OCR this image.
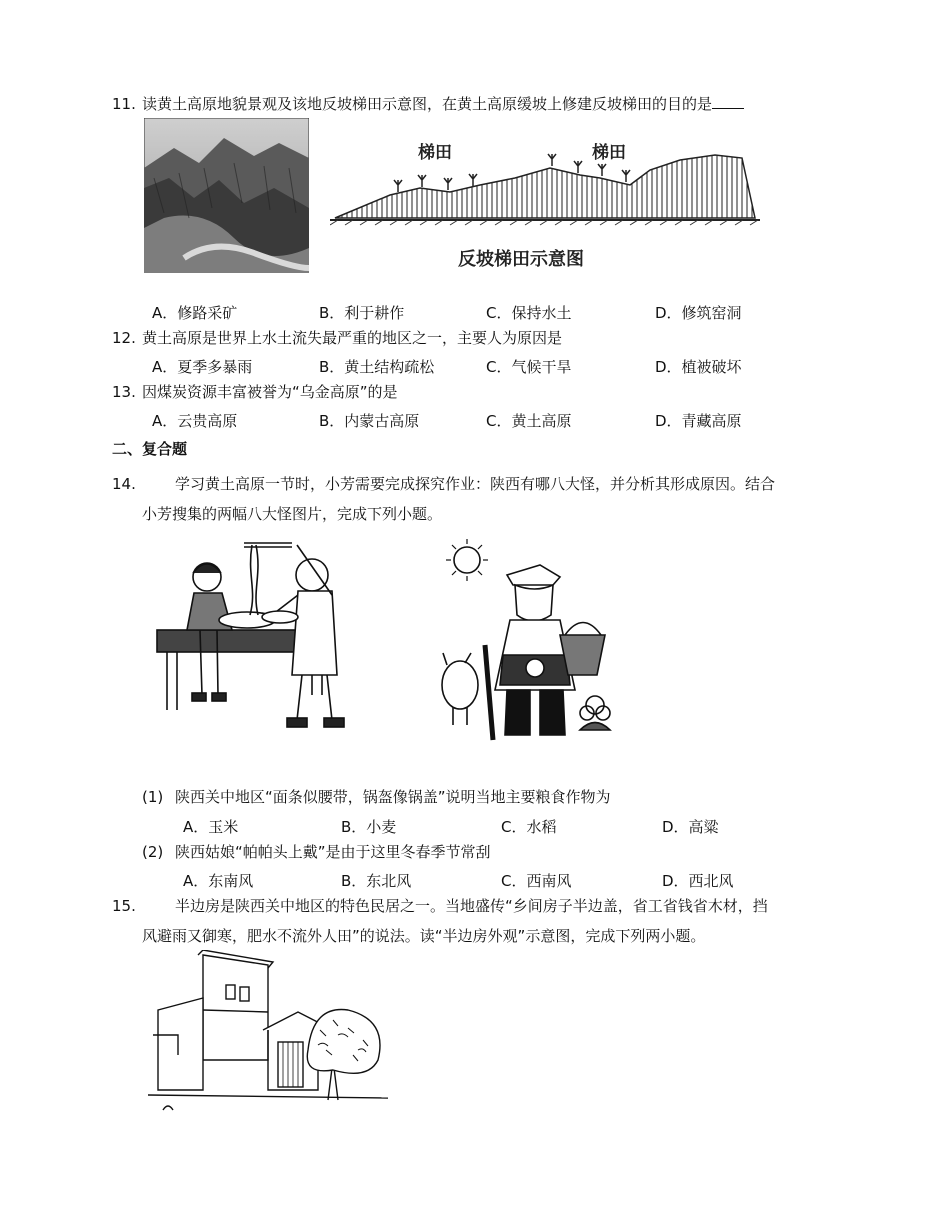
11. 读黄土高原地貌景观及该地反坡梯田示意图，在黄土高原缓坡上修建反坡梯田的目的是
梯田	梯田
反坡梯田示意图
A．修路采矿	B．利于耕作	C．保持水土	D．修筑窑洞
12. 黄土高原是世界上水土流失最严重的地区之一，主要人为原因是
A．夏季多暴雨	B．黄土结构疏松	C．气候干旱	D．植被破坏
13. 因煤炭资源丰富被誉为“乌金高原”的是
A．云贵高原	B．内蒙古高原	C．黄土高原	D．青藏高原
二、复合题
14.	学习黄土高原一节时，小芳需要完成探究作业：陕西有哪八大怪，并分析其形成原因。结合
小芳搜集的两幅八大怪图片，完成下列小题。
(1) 陕西关中地区“面条似腰带，锅盔像锅盖”说明当地主要粮食作物为
A．玉米	B．小麦	C．水稻	D．高粱
(2) 陕西姑娘“帕帕头上戴”是由于这里冬春季节常刮
A．东南风	B．东北风	C．西南风	D．西北风
15.	半边房是陕西关中地区的特色民居之一。当地盛传“乡间房子半边盖，省工省钱省木材，挡
风避雨又御寒，肥水不流外人田”的说法。读“半边房外观”示意图，完成下列两小题。
